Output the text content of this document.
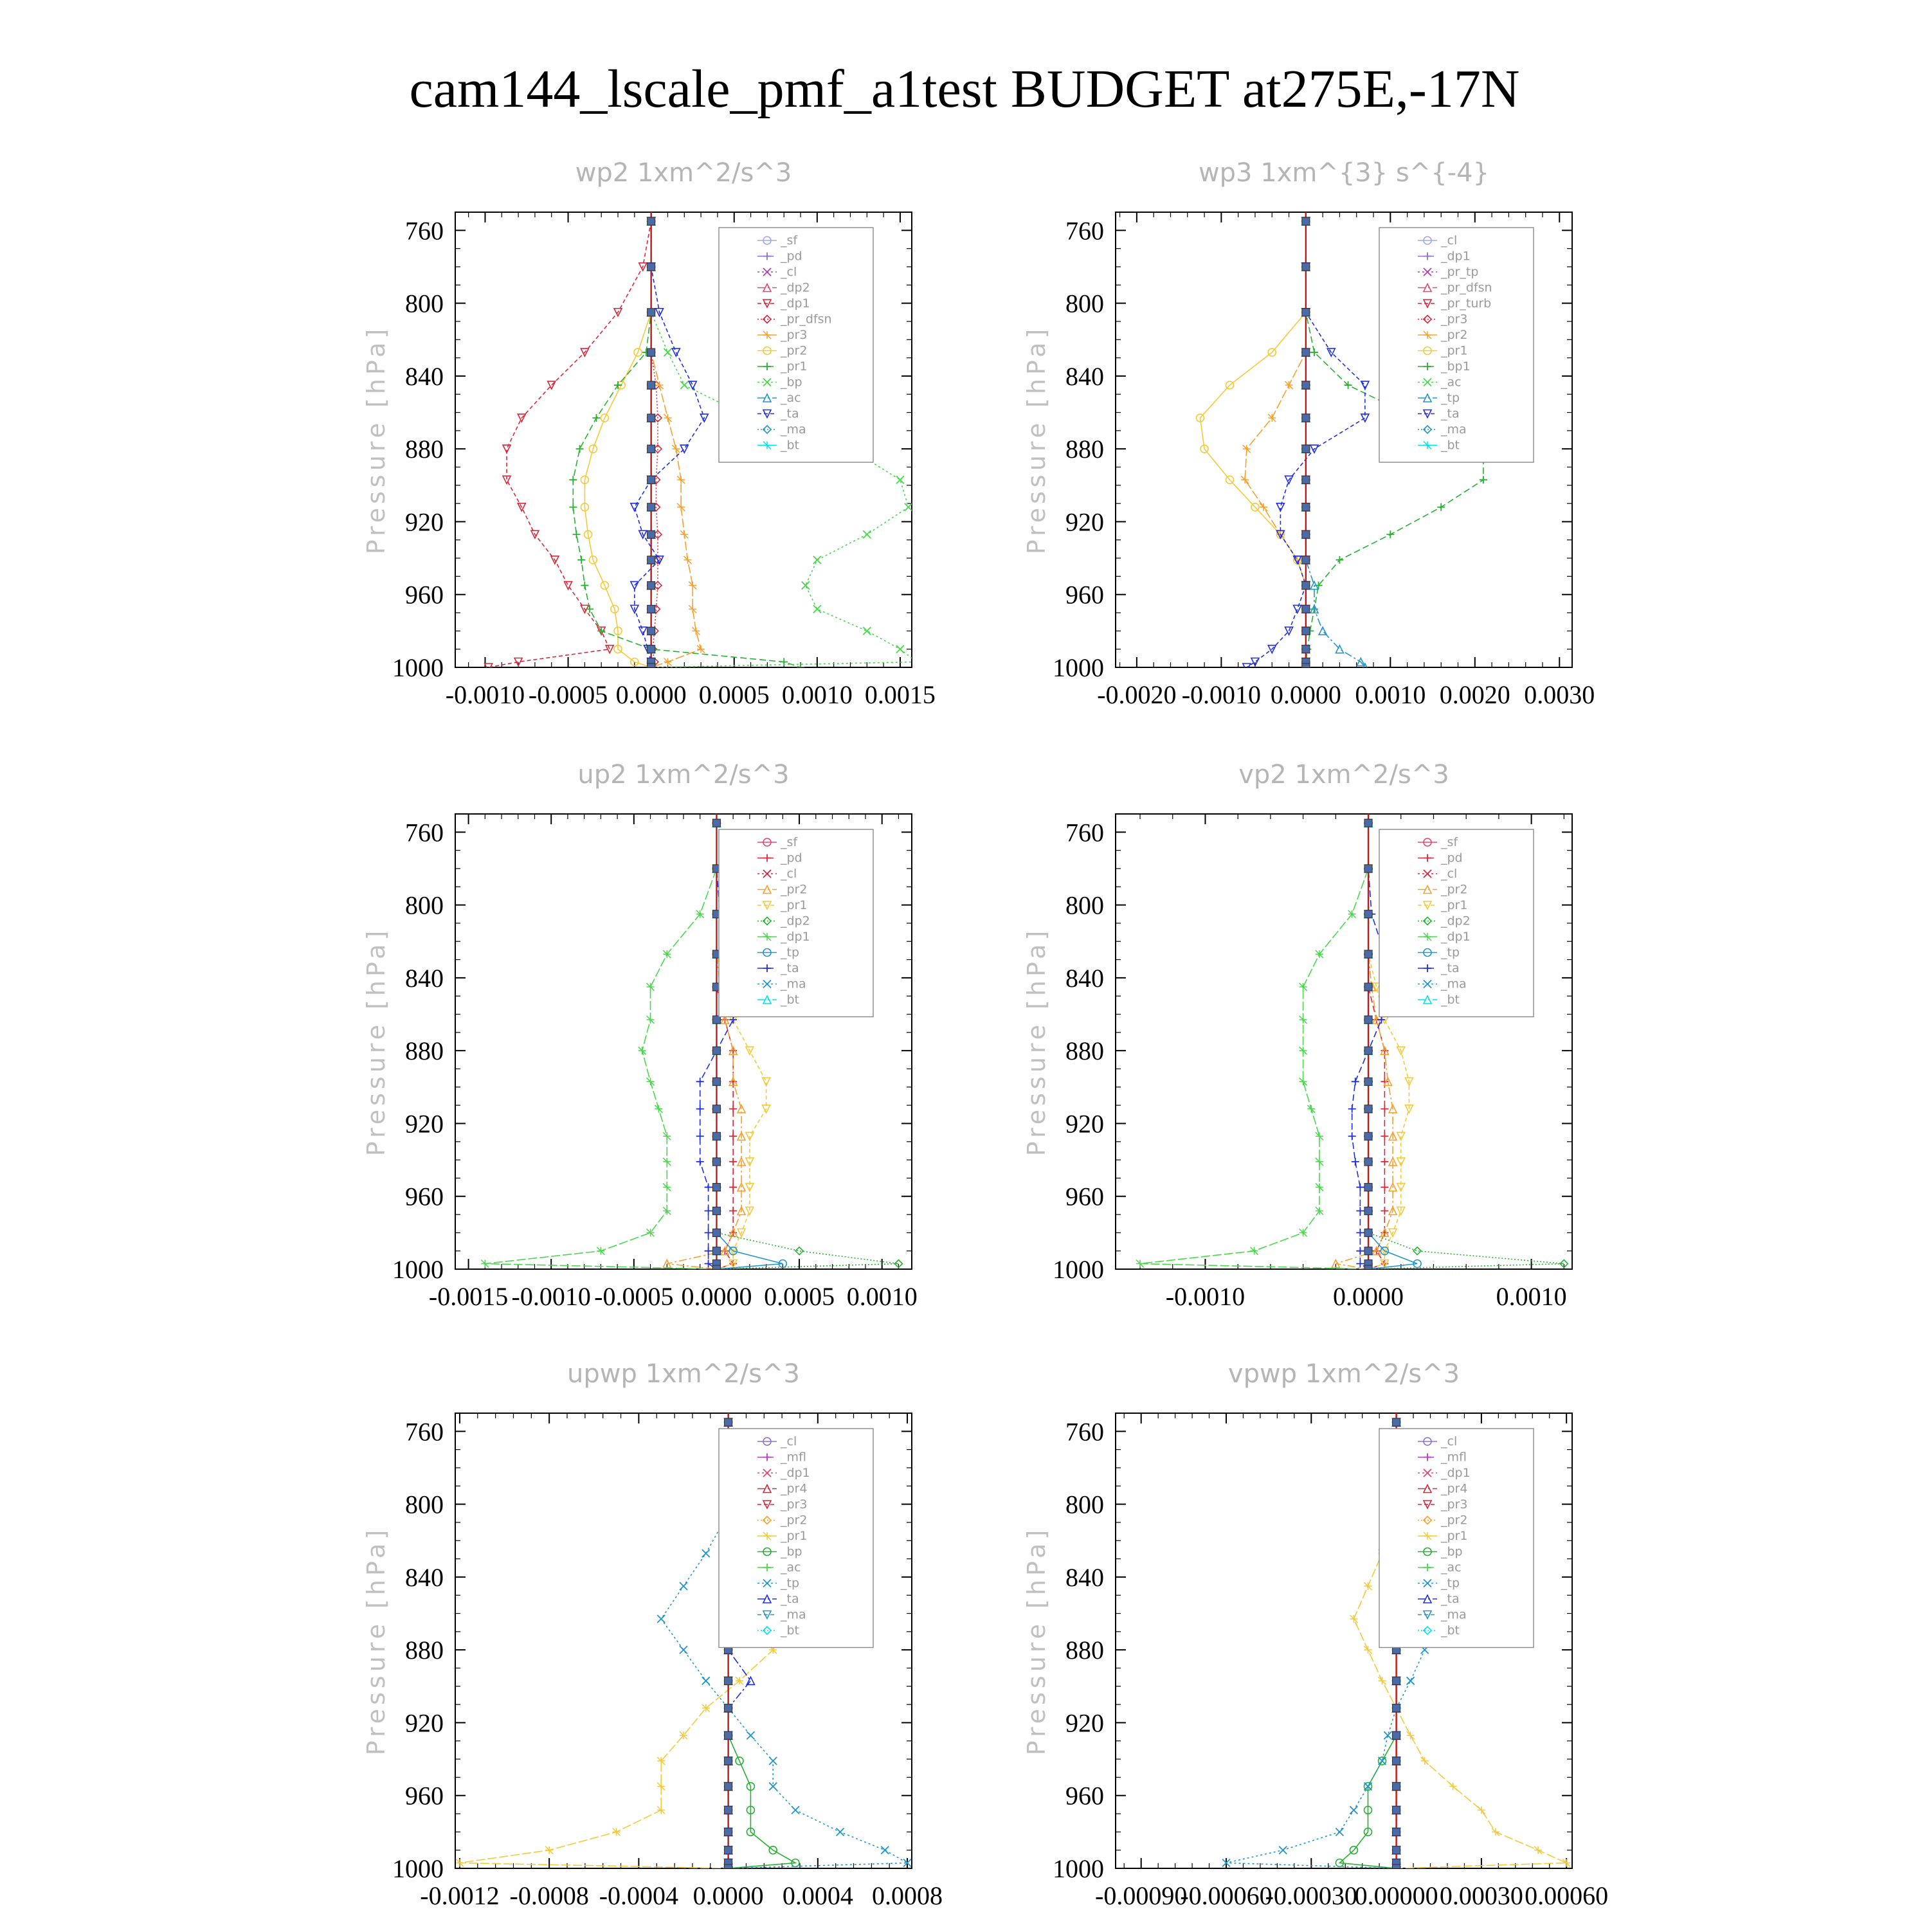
cam144_lscale_pmf_a1test BUDGET at275E,-17N
wp2 1xm^2/s^3
Pressure [hPa]
760
800
840
880
920
960
1000
-0.0010 -0.0005 0.0000 0.0005 0.0010 0.0015
_sf
_pd
_cl
_dp2
_dp1
_pr_dfsn
_pr3
_pr2
_pr1
_bp
_ac
_ta
_ma
_bt
wp3 1xm^{3} s^{-4}
Pressure [hPa]
760
800
840
880
920
960
1000
-0.0020 -0.0010 0.0000 0.0010 0.0020 0.0030
_cl
_dp1
_pr_tp
_pr_dfsn
_pr_turb
_pr3
_pr2
_pr1
_bp1
_ac
_tp
_ta
_ma
_bt
up2 1xm^2/s^3
Pressure [hPa]
760
800
840
880
920
960
1000
-0.0015 -0.0010 -0.0005 0.0000 0.0005 0.0010
_sf
_pd
_cl
_pr2
_pr1
_dp2
_dp1
_tp
_ta
_ma
_bt
vp2 1xm^2/s^3
Pressure [hPa]
760
800
840
880
920
960
1000
-0.0010	0.0000	0.0010
_sf
_pd
_cl
_pr2
_pr1
_dp2
_dp1
_tp
_ta
_ma
_bt
upwp 1xm^2/s^3
Pressure [hPa]
760
800
840
880
920
960
1000
-0.0012 -0.0008 -0.0004 0.0000 0.0004 0.0008
_cl
_mfl
_dp1
_pr4
_pr3
_pr2
_pr1
_bp
_ac
_tp
_ta
_ma
_bt
vpwp 1xm^2/s^3
Pressure [hPa]
760
800
840
880
920
960
1000
-0.00090
-0.00060
-0.00030
0.00000 0.00030 0.00060
_cl
_mfl
_dp1
_pr4
_pr3
_pr2
_pr1
_bp
_ac
_tp
_ta
_ma
_bt
